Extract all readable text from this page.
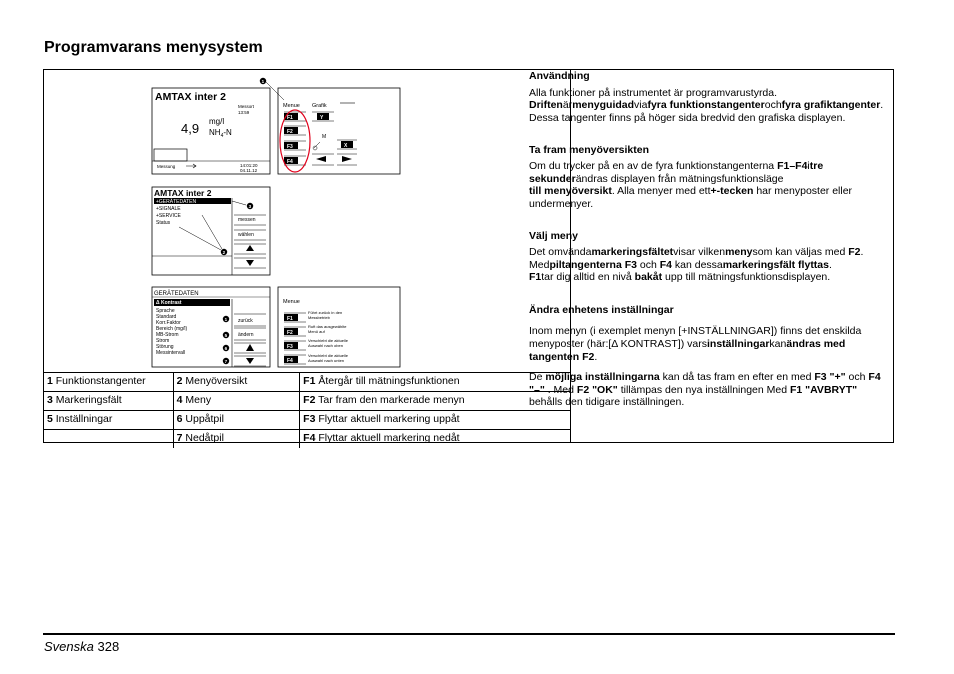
Programvarans menysystem
AMTAX inter 2
Messort
13:59
4,9 mg/l
$NH_4-N$
Messung	14:01:20
04.11.12
Menue Grafik
F1
F2
F3
F4
Y
M
X
1
AMTAX inter 2
+GERÄTEDATEN
+SIGNALE
+SERVICE
Status	messen
wählen
3
2
GERÄTEDATEN
Δ Kontrast
Sprache
Standard
Korr.Faktor
Bereich (mg/l)
MB-Strom
Strom
Störung
Messintervall
zurück
ändern
1
5
6
7
Menue
F1
F2
F3
F4
Führt zurück in den
Messbetrieb
Ruft das ausgewählte
Menü auf
Verschiebt die aktuelle
Auswahl nach oben
Verschiebt die aktuelle
Auswahl nach unten
1 Funktionstangenter	2 Menyöversikt	F1 Återgår till mätningsfunktionen
3 Markeringsfält	4 Meny	F2 Tar fram den markerade menyn
5 Inställningar	6 Uppåtpil	F3 Flyttar aktuell markering uppåt
	7 Nedåtpil	F4 Flyttar aktuell markering nedåt
Användning
Alla funktioner på instrumentet är programvarustyrda.
Driftenärmenyguidadviafyra funktionstangenterochfyra grafiktangenter. Dessa tangenter finns på höger sida bredvid den grafiska displayen.
Ta fram menyöversikten
Om du trycker på en av de fyra funktionstangenterna F1–F4itre sekunderändras displayen från mätningsfunktionsläge
till menyöversikt. Alla menyer med ett+-tecken har menyposter eller undermenyer.
Välj meny
Det omvändamarkeringsfältetvisar vilkenmenysom kan väljas med F2. Medpiltangenterna F3 och F4 kan dessamarkeringsfält flyttas.
F1tar dig alltid en nivå bakåt upp till mätningsfunktionsdisplayen.
Ändra enhetens inställningar
Inom menyn (i exemplet menyn [+INSTÄLLNINGAR]) finns det enskilda menyposter (här:[Δ KONTRAST]) varsinställningarkanändras med tangenten F2.
De möjliga inställningarna kan då tas fram en efter en med F3 "+" och F4 "–" . Med F2 "OK" tillämpas den nya inställningen Med F1 "AVBRYT" behålls den tidigare inställningen.
Svenska 328
